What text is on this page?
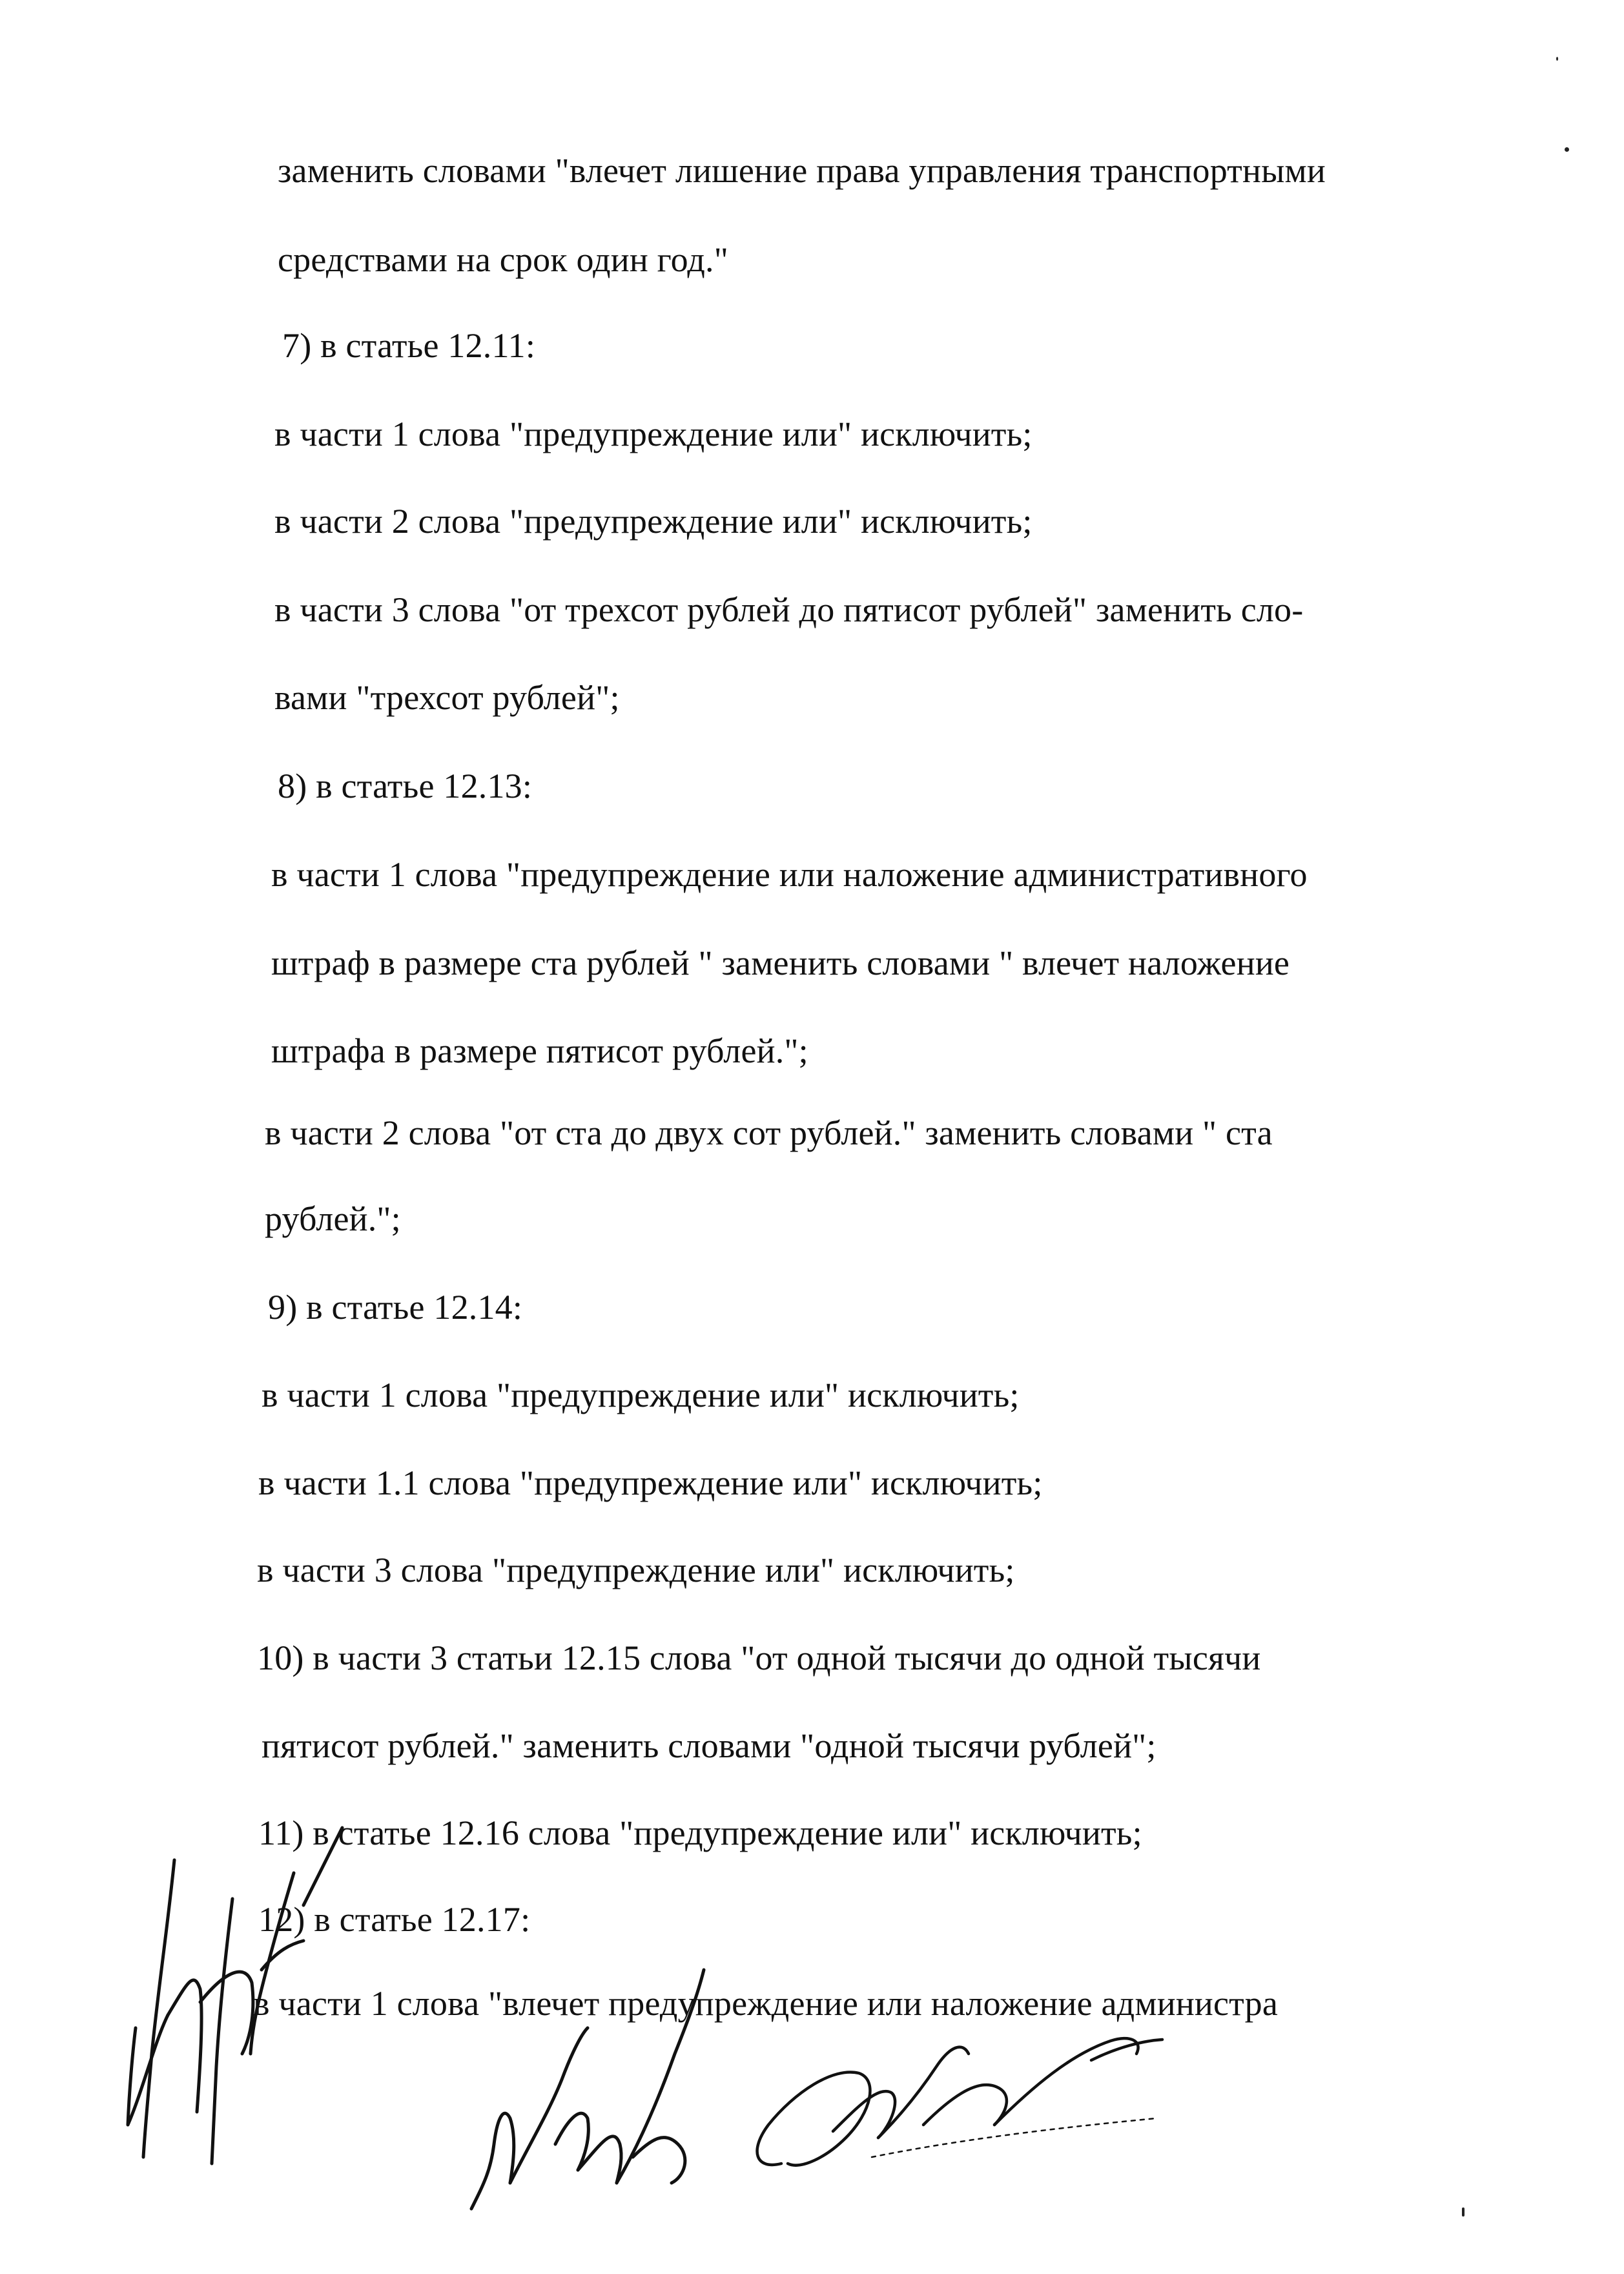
заменить словами "влечет лишение права управления транспортными
средствами на срок один год."
7) в статье 12.11:
в части 1 слова "предупреждение или" исключить;
в части 2 слова "предупреждение или" исключить;
в части 3 слова "от трехсот рублей до пятисот рублей" заменить сло-
вами "трехсот рублей";
8) в статье 12.13:
в части 1 слова "предупреждение или наложение административного
штраф в размере ста рублей " заменить словами " влечет наложение
штрафа в размере пятисот рублей.";
в части 2 слова "от ста до двух сот рублей." заменить словами " ста
рублей.";
9) в статье 12.14:
в части 1 слова "предупреждение или" исключить;
в части 1.1 слова "предупреждение или" исключить;
в части 3 слова "предупреждение или" исключить;
10) в части 3 статьи 12.15 слова "от одной тысячи до одной тысячи
пятисот рублей." заменить словами "одной тысячи рублей";
11) в статье 12.16 слова "предупреждение или" исключить;
12) в статье 12.17:
в части 1 слова "влечет предупреждение или наложение администра
